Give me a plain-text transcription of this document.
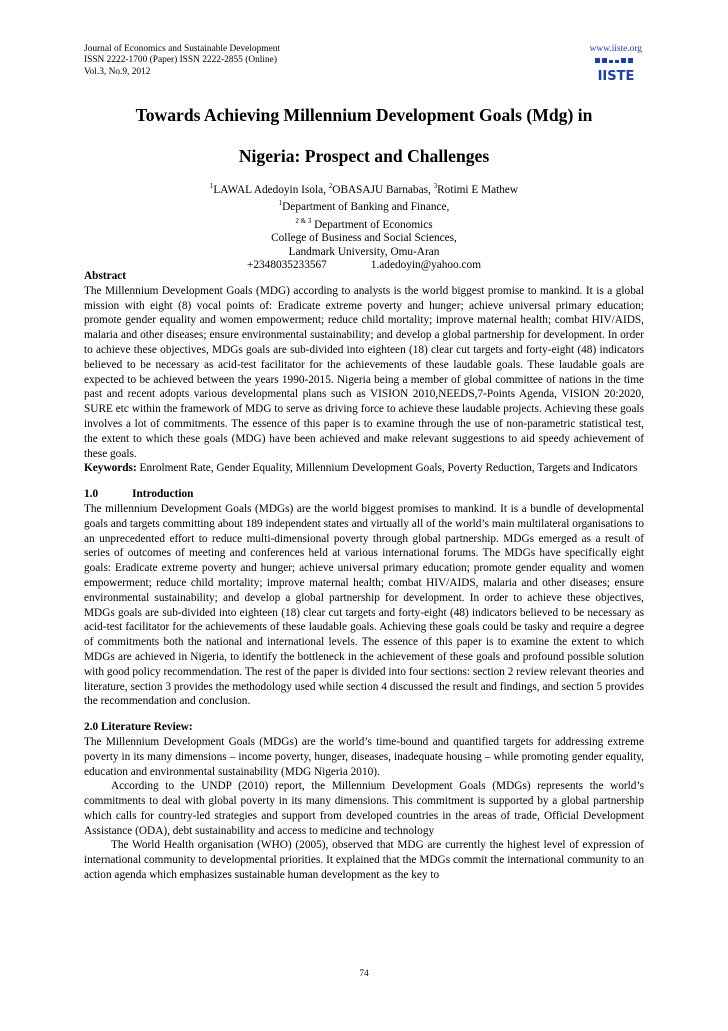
Journal of Economics and Sustainable Development
ISSN 2222-1700 (Paper) ISSN 2222-2855 (Online)
Vol.3, No.9, 2012
www.iiste.org
IISTE
Towards Achieving Millennium Development Goals (Mdg) in
Nigeria: Prospect and Challenges
$^1$LAWAL Adedoyin Isola, $^2$OBASAJU Barnabas, $^3$Rotimi E Mathew
$^1$Department of Banking and Finance,
$^{2 \& 3}$ Department of Economics
College of Business and Social Sciences,
Landmark University, Omu-Aran
+2348035233567	1.adedoyin@yahoo.com

Abstract

The Millennium Development Goals (MDG) according to analysts is the world biggest promise to mankind. It is a global mission with eight (8) vocal points of: Eradicate extreme poverty and hunger; achieve universal primary education; promote gender equality and women empowerment; reduce child mortality; improve maternal health; combat HIV/AIDS, malaria and other diseases; ensure environmental sustainability; and develop a global partnership for development. In order to achieve these objectives, MDGs goals are sub-divided into eighteen (18) clear cut targets and forty-eight (48) indicators believed to be necessary as acid-test facilitator for the achievements of these laudable goals. These laudable goals are expected to be achieved between the years 1990-2015. Nigeria being a member of global committee of nations in the time past and recent adopts various developmental plans such as VISION 2010,NEEDS,7-Points Agenda, VISION 20:2020, SURE etc within the framework of MDG to serve as driving force to achieve these laudable projects. Achieving these goals involves a lot of commitments. The essence of this paper is to examine through the use of non-parametric statistical test, the extent to which these goals (MDG) have been achieved and make relevant suggestions to aid speedy achievement of these goals.

Keywords: Enrolment Rate, Gender Equality, Millennium Development Goals, Poverty Reduction, Targets and Indicators

1.0	Introduction

The millennium Development Goals (MDGs) are the world biggest promises to mankind. It is a bundle of developmental goals and targets committing about 189 independent states and virtually all of the world’s main multilateral organisations to an unprecedented effort to reduce multi-dimensional poverty through global partnership. MDGs emerged as a result of series of outcomes of meeting and conferences held at various international forums. The MDGs have specifically eight goals: Eradicate extreme poverty and hunger; achieve universal primary education; promote gender equality and women empowerment; reduce child mortality; improve maternal health; combat HIV/AIDS, malaria and other diseases; ensure environmental sustainability; and develop a global partnership for development. In order to achieve these objectives, MDGs goals are sub-divided into eighteen (18) clear cut targets and forty-eight (48) indicators believed to be necessary as acid-test facilitator for the achievements of these laudable goals. Achieving these goals could be tasky and require a degree of commitments both the national and international levels. The essence of this paper is to examine the extent to which MDGs are achieved in Nigeria, to identify the bottleneck in the achievement of these goals and profound possible solution with good policy recommendation. The rest of the paper is divided into four sections: section 2 review relevant theories and literature, section 3 provides the methodology used while section 4 discussed the result and findings, and section 5 provides the recommendation and conclusion.

2.0 Literature Review:

The Millennium Development Goals (MDGs) are the world’s time-bound and quantified targets for addressing extreme poverty in its many dimensions – income poverty, hunger, diseases, inadequate housing – while promoting gender equality, education and environmental sustainability (MDG Nigeria 2010).

According to the UNDP (2010) report, the Millennium Development Goals (MDGs) represents the world’s commitments to deal with global poverty in its many dimensions. This commitment is supported by a global partnership which calls for country-led strategies and support from developed countries in the areas of trade, Official Development Assistance (ODA), debt sustainability and access to medicine and technology

The World Health organisation (WHO) (2005), observed that MDG are currently the highest level of expression of international community to developmental priorities. It explained that the MDGs commit the international community to an action agenda which emphasizes sustainable human development as the key to

74
